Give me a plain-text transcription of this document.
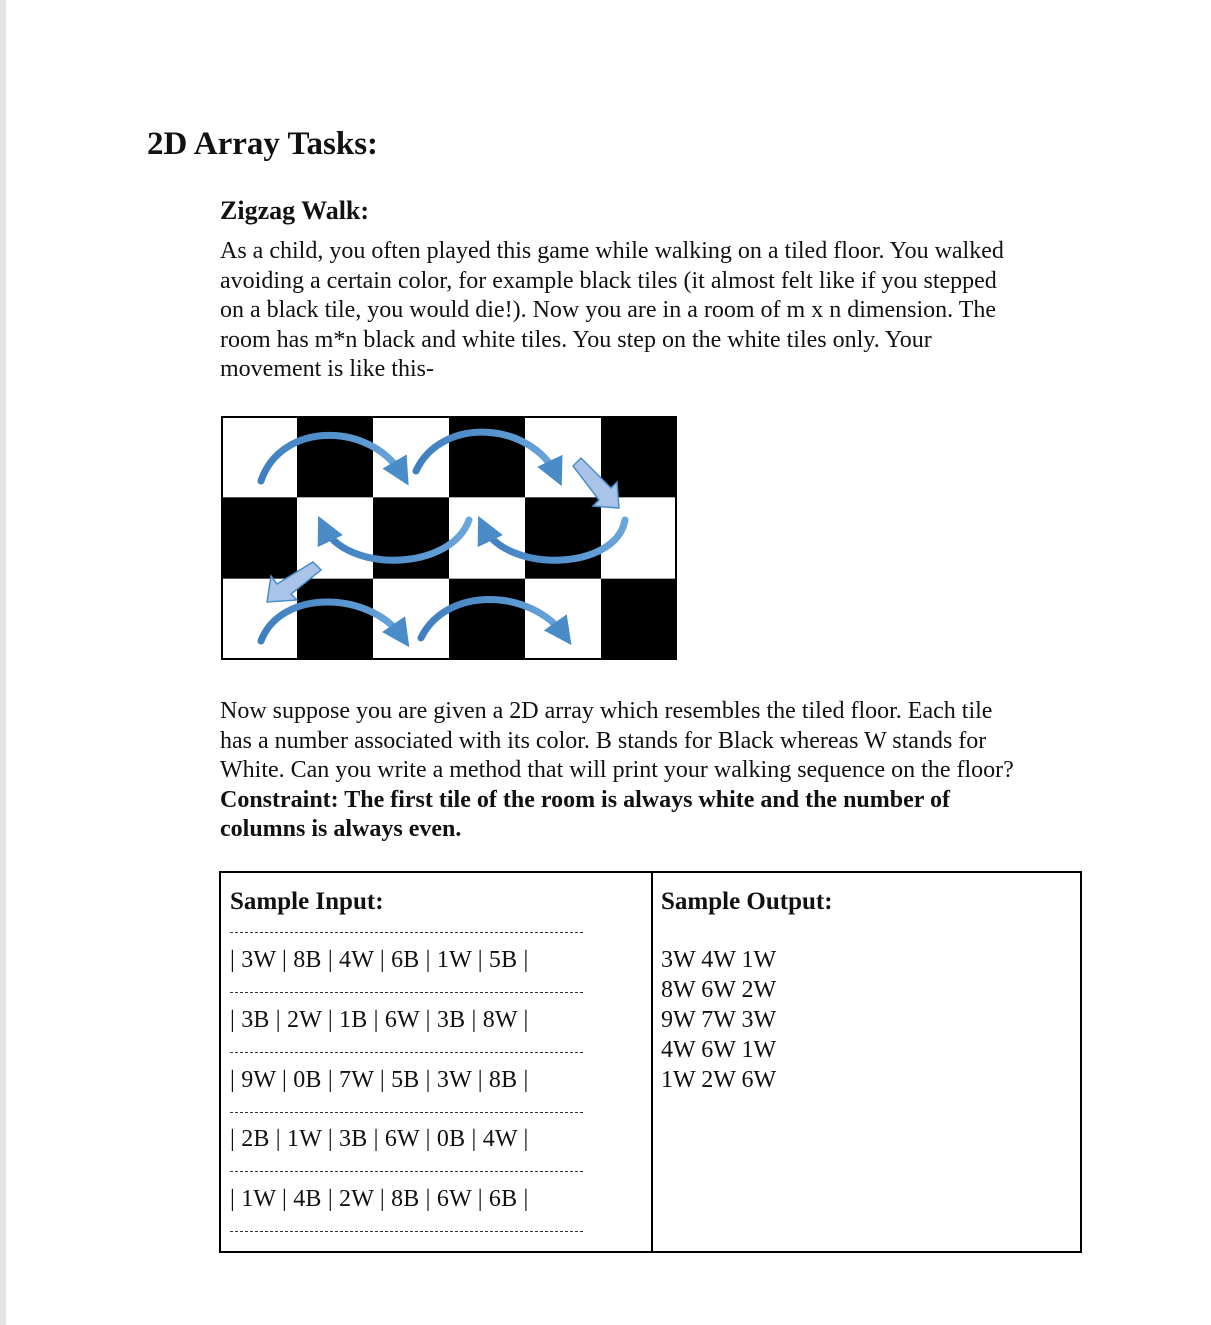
2D Array Tasks:
Zigzag Walk:

As a child, you often played this game while walking on a tiled floor. You walked
avoiding a certain color, for example black tiles (it almost felt like if you stepped
on a black tile, you would die!). Now you are in a room of m x n dimension. The
room has m*n black and white tiles. You step on the white tiles only. Your
movement is like this-

Now suppose you are given a 2D array which resembles the tiled floor. Each tile
has a number associated with its color. B stands for Black whereas W stands for
White. Can you write a method that will print your walking sequence on the floor?
Constraint: The first tile of the room is always white and the number of
columns is always even.

Sample Input:
| 3W | 8B | 4W | 6B | 1W | 5B |
| 3B | 2W | 1B | 6W | 3B | 8W |
| 9W | 0B | 7W | 5B | 3W | 8B |
| 2B | 1W | 3B | 6W | 0B | 4W |
| 1W | 4B | 2W | 8B | 6W | 6B |
Sample Output:
3W 4W 1W
8W 6W 2W
9W 7W 3W
4W 6W 1W
1W 2W 6W
